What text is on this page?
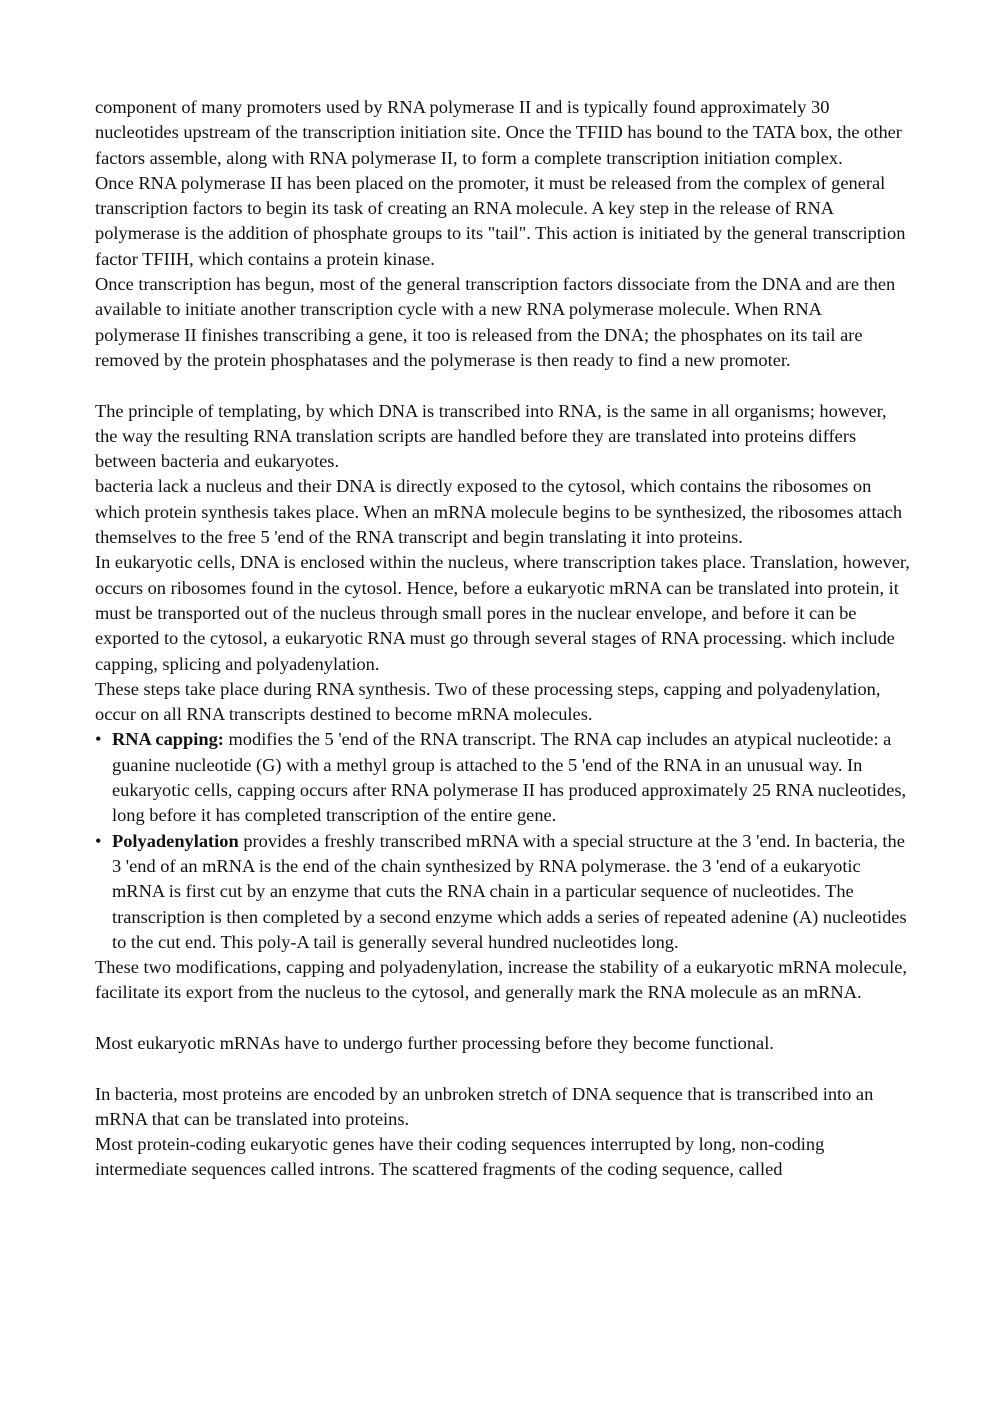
component of many promoters used by RNA polymerase II and is typically found approximately 30 nucleotides upstream of the transcription initiation site. Once the TFIID has bound to the TATA box, the other factors assemble, along with RNA polymerase II, to form a complete transcription initiation complex.

Once RNA polymerase II has been placed on the promoter, it must be released from the complex of general transcription factors to begin its task of creating an RNA molecule. A key step in the release of RNA polymerase is the addition of phosphate groups to its "tail". This action is initiated by the general transcription factor TFIIH, which contains a protein kinase.

Once transcription has begun, most of the general transcription factors dissociate from the DNA and are then available to initiate another transcription cycle with a new RNA polymerase molecule. When RNA polymerase II finishes transcribing a gene, it too is released from the DNA; the phosphates on its tail are removed by the protein phosphatases and the polymerase is then ready to find a new promoter.

The principle of templating, by which DNA is transcribed into RNA, is the same in all organisms; however, the way the resulting RNA translation scripts are handled before they are translated into proteins differs between bacteria and eukaryotes.

bacteria lack a nucleus and their DNA is directly exposed to the cytosol, which contains the ribosomes on which protein synthesis takes place. When an mRNA molecule begins to be synthesized, the ribosomes attach themselves to the free 5 'end of the RNA transcript and begin translating it into proteins.

In eukaryotic cells, DNA is enclosed within the nucleus, where transcription takes place. Translation, however, occurs on ribosomes found in the cytosol. Hence, before a eukaryotic mRNA can be translated into protein, it must be transported out of the nucleus through small pores in the nuclear envelope, and before it can be exported to the cytosol, a eukaryotic RNA must go through several stages of RNA processing. which include capping, splicing and polyadenylation.

These steps take place during RNA synthesis. Two of these processing steps, capping and polyadenylation, occur on all RNA transcripts destined to become mRNA molecules.

• RNA capping: modifies the 5 'end of the RNA transcript. The RNA cap includes an atypical nucleotide: a guanine nucleotide (G) with a methyl group is attached to the 5 'end of the RNA in an unusual way. In eukaryotic cells, capping occurs after RNA polymerase II has produced approximately 25 RNA nucleotides, long before it has completed transcription of the entire gene.
• Polyadenylation provides a freshly transcribed mRNA with a special structure at the 3 'end. In bacteria, the 3 'end of an mRNA is the end of the chain synthesized by RNA polymerase. the 3 'end of a eukaryotic mRNA is first cut by an enzyme that cuts the RNA chain in a particular sequence of nucleotides. The transcription is then completed by a second enzyme which adds a series of repeated adenine (A) nucleotides to the cut end. This poly-A tail is generally several hundred nucleotides long.

These two modifications, capping and polyadenylation, increase the stability of a eukaryotic mRNA molecule, facilitate its export from the nucleus to the cytosol, and generally mark the RNA molecule as an mRNA.

Most eukaryotic mRNAs have to undergo further processing before they become functional.

In bacteria, most proteins are encoded by an unbroken stretch of DNA sequence that is transcribed into an mRNA that can be translated into proteins.

Most protein-coding eukaryotic genes have their coding sequences interrupted by long, non-coding intermediate sequences called introns. The scattered fragments of the coding sequence, called
